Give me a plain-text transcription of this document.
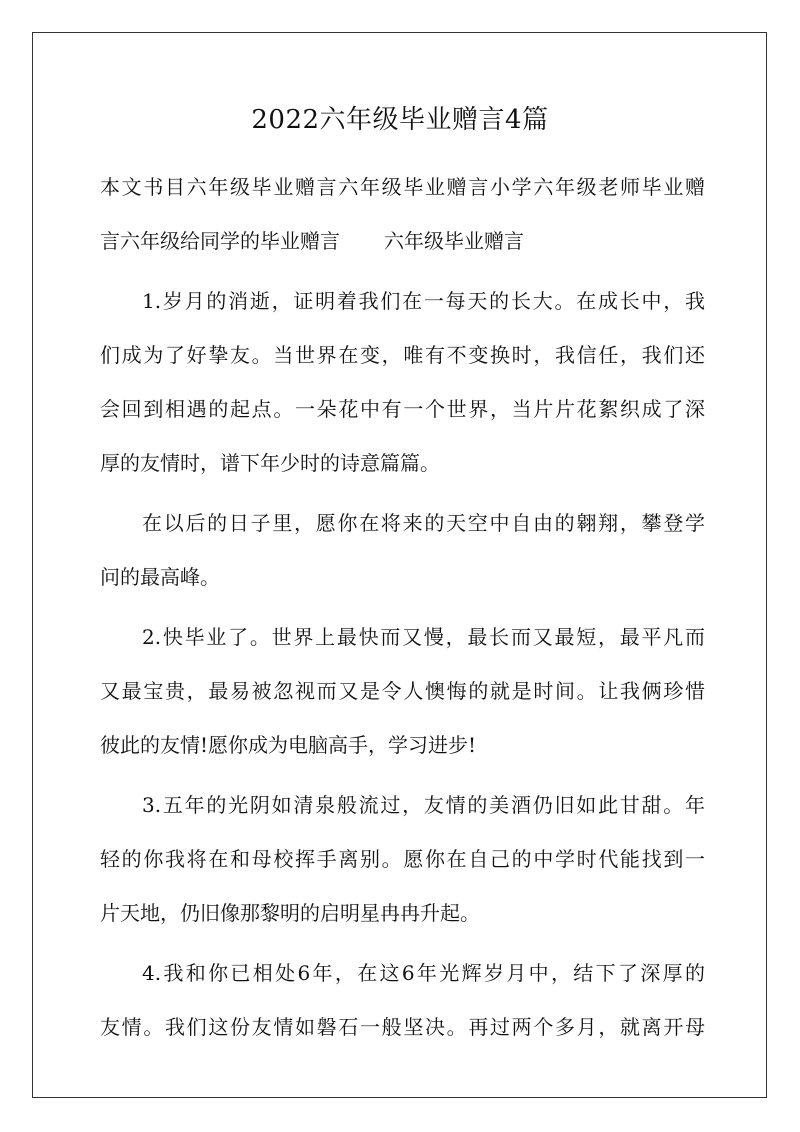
2022六年级毕业赠言4篇
本文书目六年级毕业赠言六年级毕业赠言小学六年级老师毕业赠
言六年级给同学的毕业赠言 六年级毕业赠言
1.岁月的消逝，证明着我们在一每天的长大。在成长中，我
们成为了好挚友。当世界在变，唯有不变换时，我信任，我们还
会回到相遇的起点。一朵花中有一个世界，当片片花絮织成了深
厚的友情时，谱下年少时的诗意篇篇。
在以后的日子里，愿你在将来的天空中自由的翱翔，攀登学
问的最高峰。
2.快毕业了。世界上最快而又慢，最长而又最短，最平凡而
又最宝贵，最易被忽视而又是令人懊悔的就是时间。让我俩珍惜
彼此的友情!愿你成为电脑高手，学习进步!
3.五年的光阴如清泉般流过，友情的美酒仍旧如此甘甜。年
轻的你我将在和母校挥手离别。愿你在自己的中学时代能找到一
片天地，仍旧像那黎明的启明星冉冉升起。
4.我和你已相处6年，在这6年光辉岁月中，结下了深厚的
友情。我们这份友情如磐石一般坚决。再过两个多月，就离开母
